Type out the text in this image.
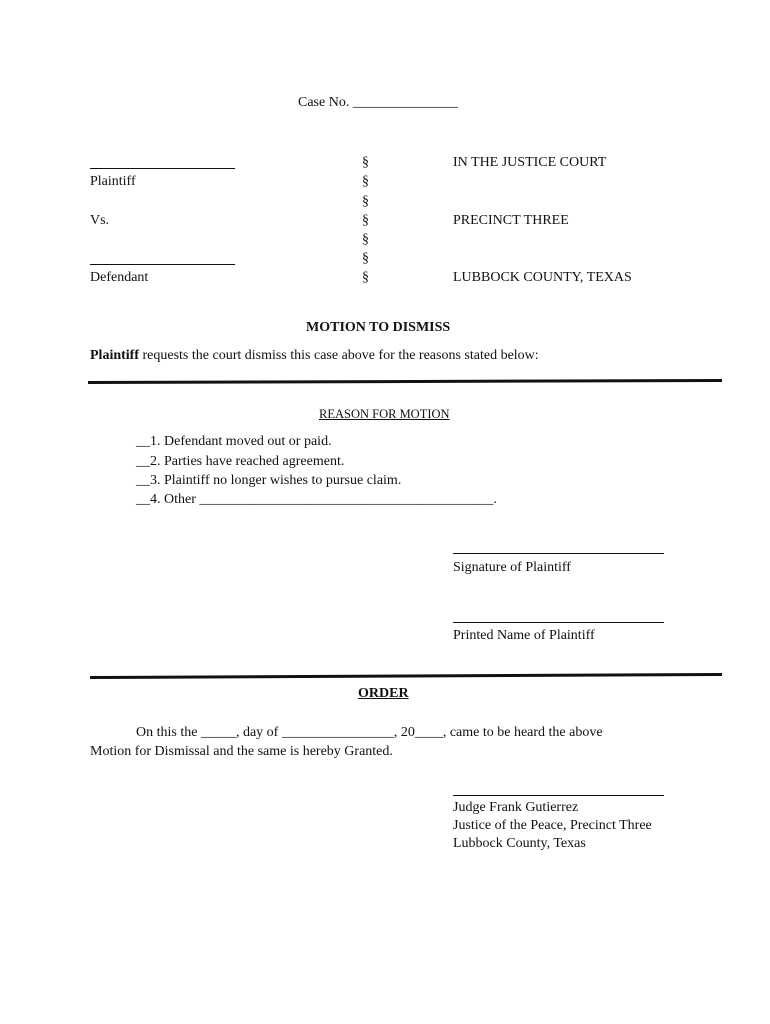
Case No. _______________
Plaintiff
Vs.
Defendant
§
§
§
§
§
§
§
IN THE JUSTICE COURT
PRECINCT THREE
LUBBOCK COUNTY, TEXAS
MOTION TO DISMISS
Plaintiff requests the court dismiss this case above for the reasons stated below:
REASON FOR MOTION
__1. Defendant moved out or paid.
__2. Parties have reached agreement.
__3. Plaintiff no longer wishes to pursue claim.
__4. Other __________________________________________.
Signature of Plaintiff
Printed Name of Plaintiff
ORDER
On this the _____, day of ________________, 20____, came to be heard the above
Motion for Dismissal and the same is hereby Granted.
Judge Frank Gutierrez
Justice of the Peace, Precinct Three
Lubbock County, Texas
